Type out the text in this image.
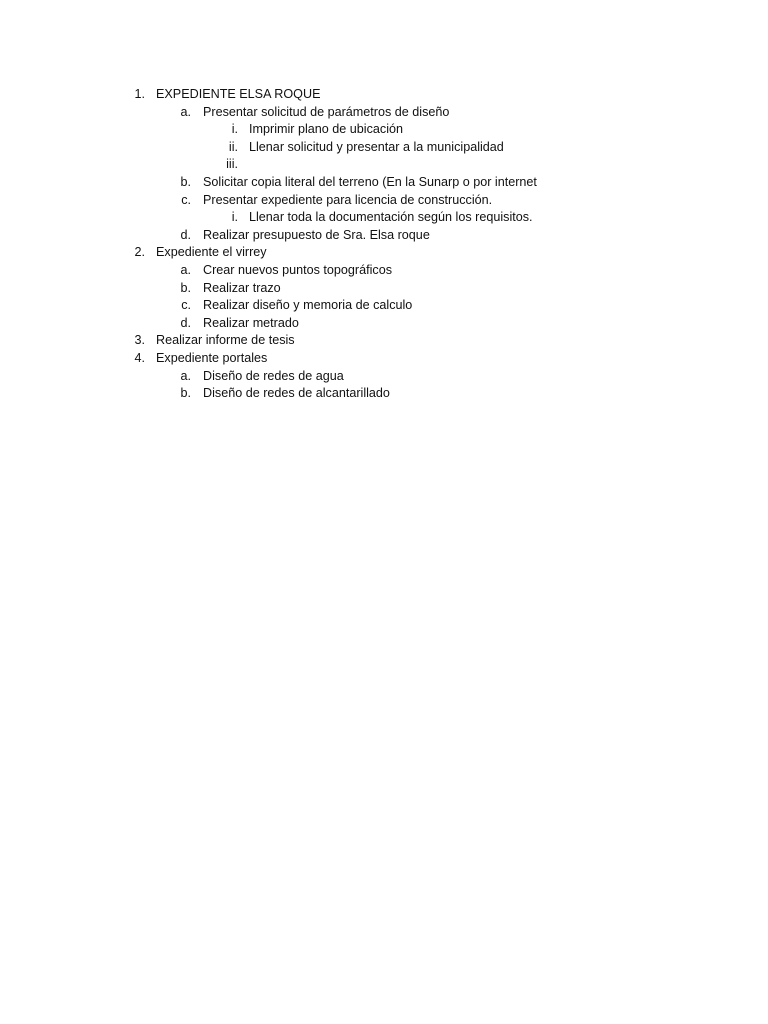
1. EXPEDIENTE ELSA ROQUE
a. Presentar solicitud de parámetros de diseño
i. Imprimir plano de ubicación
ii. Llenar solicitud y presentar a la municipalidad
iii.
b. Solicitar copia literal del terreno (En la Sunarp o por internet
c. Presentar expediente para licencia de construcción.
i. Llenar toda la documentación según los requisitos.
d. Realizar presupuesto de Sra. Elsa roque
2. Expediente el virrey
a. Crear nuevos puntos topográficos
b. Realizar trazo
c. Realizar diseño y memoria de calculo
d. Realizar metrado
3. Realizar informe de tesis
4. Expediente portales
a. Diseño de redes de agua
b. Diseño de redes de alcantarillado
